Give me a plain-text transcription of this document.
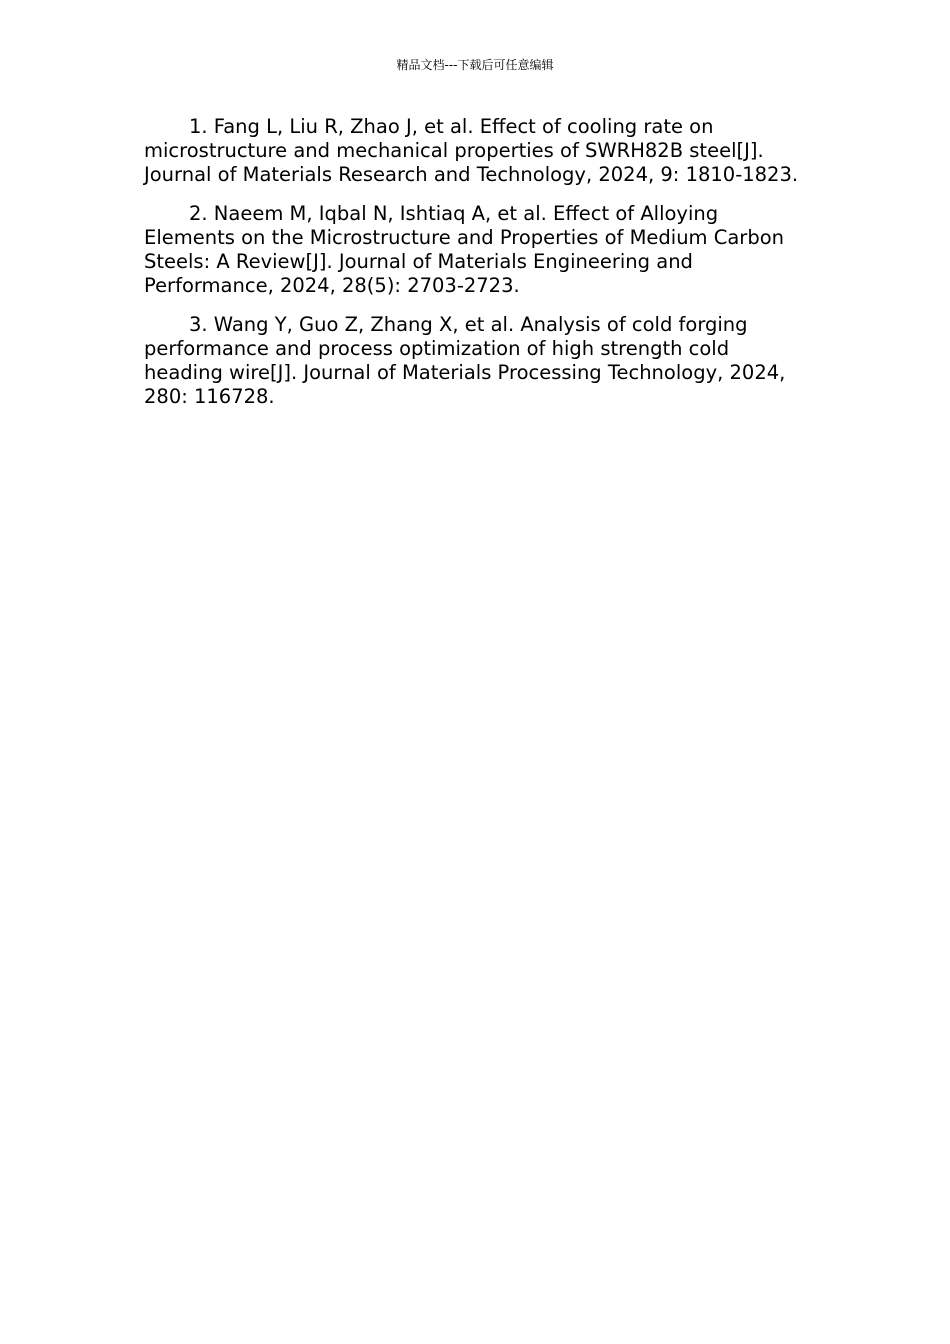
精品文档---下载后可任意编辑

1. Fang L, Liu R, Zhao J, et al. Effect of cooling rate on microstructure and mechanical properties of SWRH82B steel[J]. Journal of Materials Research and Technology, 2024, 9: 1810-1823.

2. Naeem M, Iqbal N, Ishtiaq A, et al. Effect of Alloying Elements on the Microstructure and Properties of Medium Carbon Steels: A Review[J]. Journal of Materials Engineering and Performance, 2024, 28(5): 2703-2723.

3. Wang Y, Guo Z, Zhang X, et al. Analysis of cold forging performance and process optimization of high strength cold heading wire[J]. Journal of Materials Processing Technology, 2024, 280: 116728.
